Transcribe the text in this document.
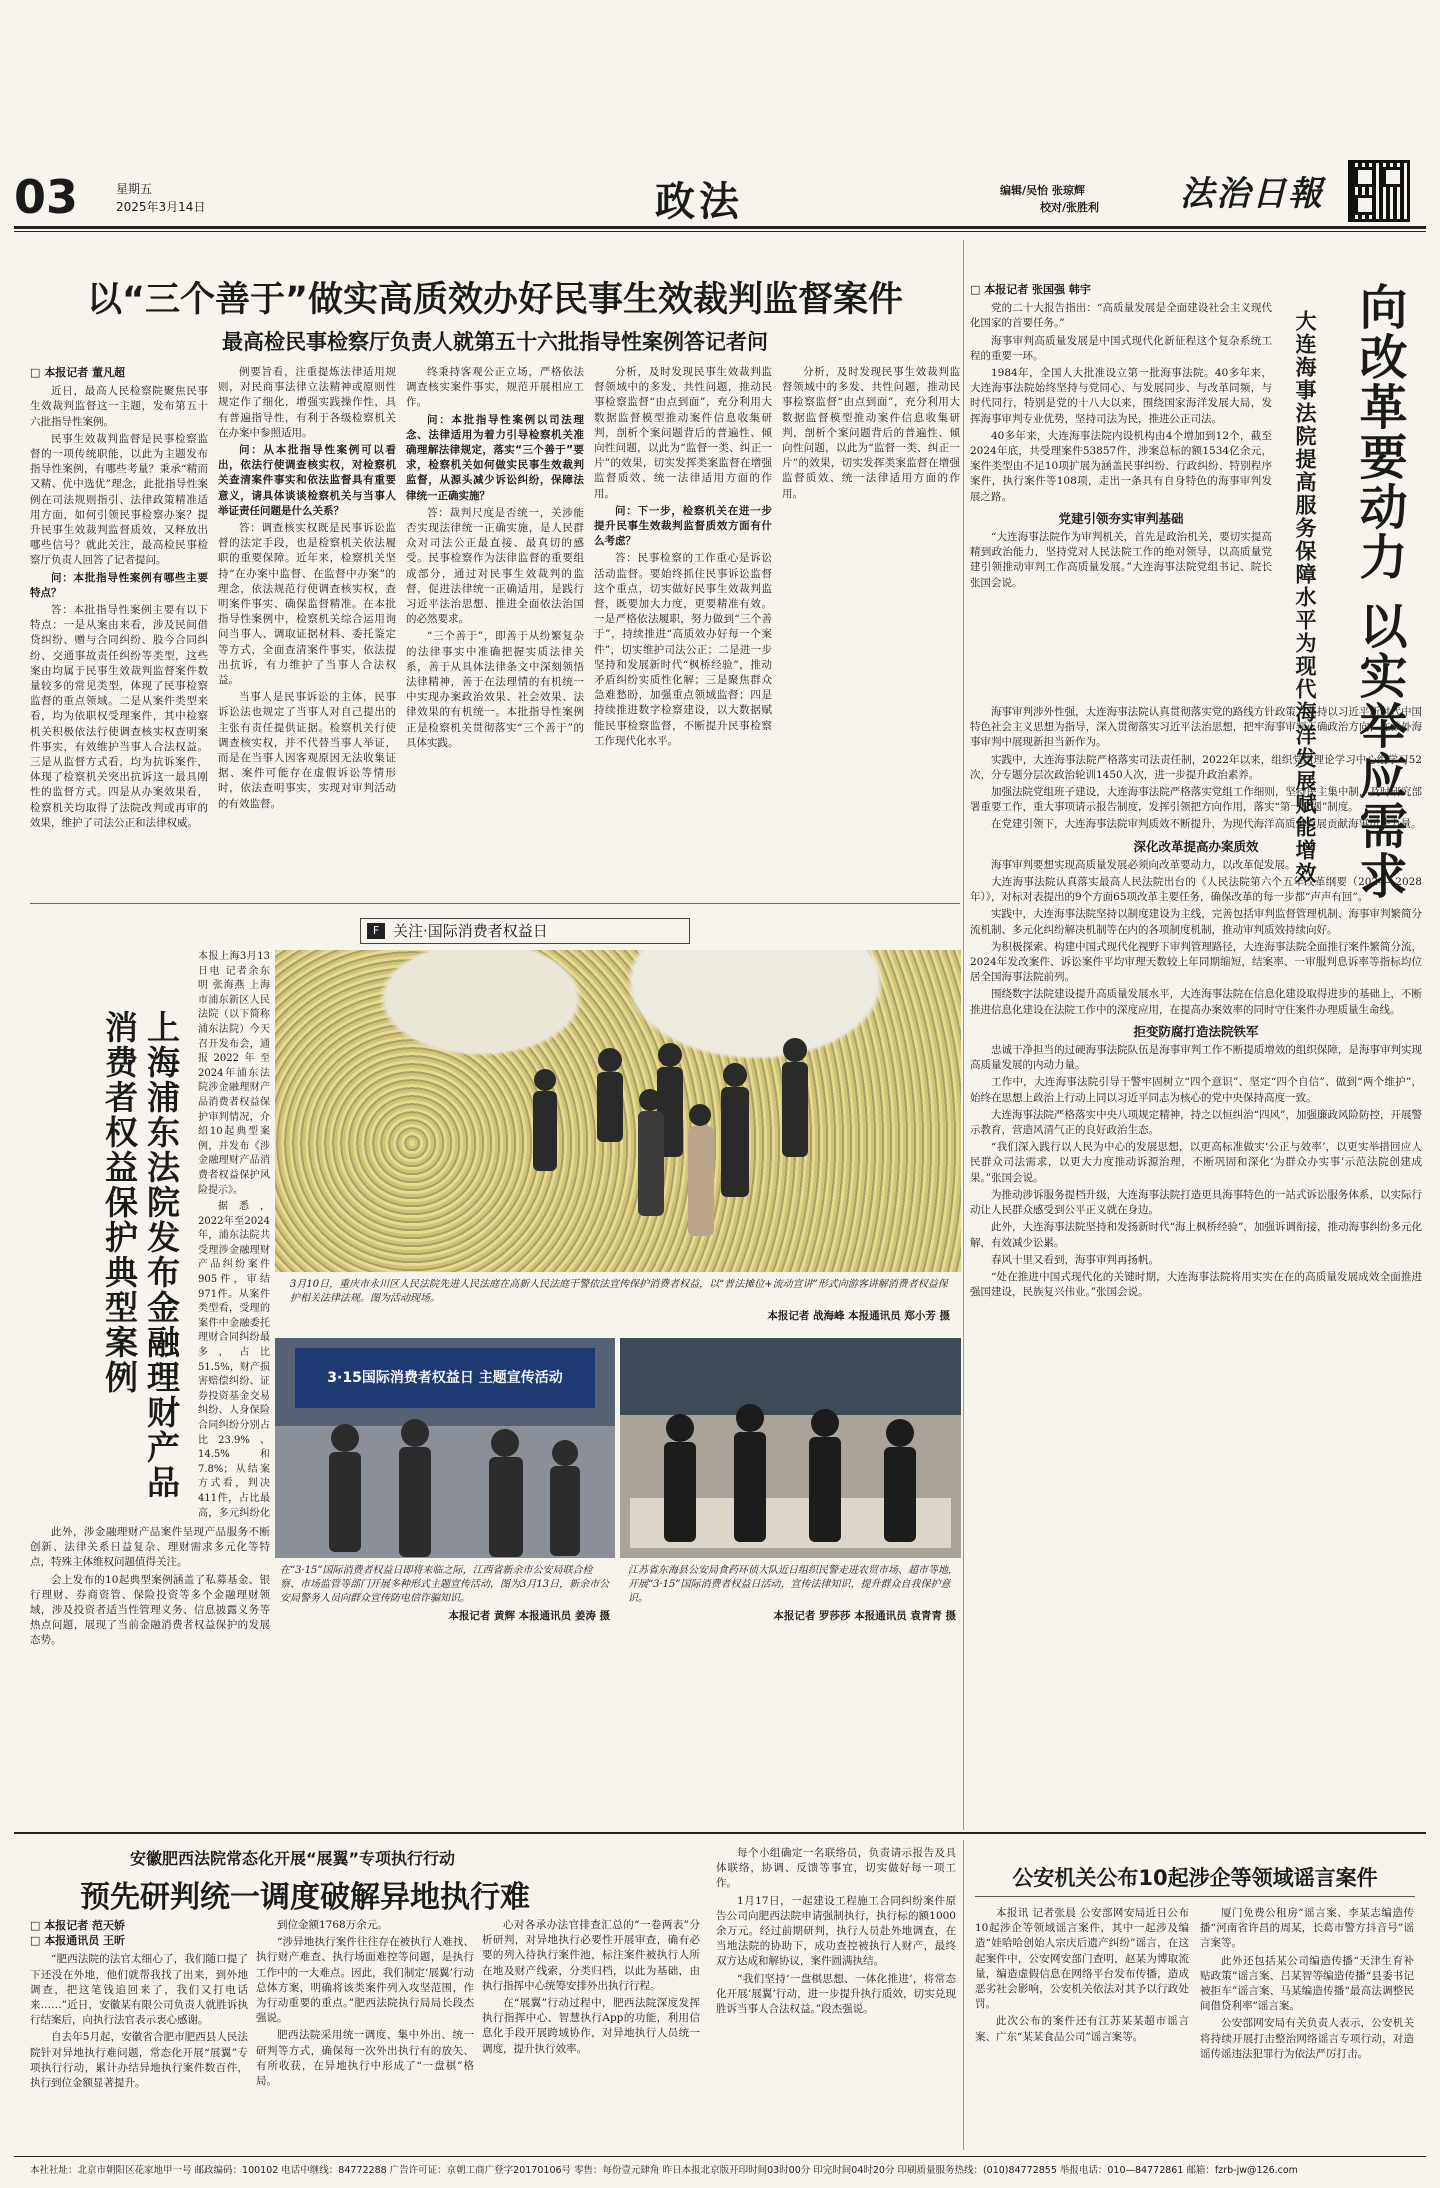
03	星期五
2025年3月14日	政法	编辑/吴怡 张琼辉
校对/张胜利 法治日報
以“三个善于”做实高质效办好民事生效裁判监督案件
最高检民事检察厅负责人就第五十六批指导性案例答记者问
□ 本报记者 董凡超

近日，最高人民检察院聚焦民事生效裁判监督这一主题，发布第五十六批指导性案例。

民事生效裁判监督是民事检察监督的一项传统职能，以此为主题发布指导性案例，有哪些考量？秉承“精而又精、优中选优”理念，此批指导性案例在司法规则指引、法律政策精准适用方面，如何引领民事检察办案？提升民事生效裁判监督质效，又释放出哪些信号？就此关注，最高检民事检察厅负责人回答了记者提问。

问：本批指导性案例有哪些主要特点？

答：本批指导性案例主要有以下特点：一是从案由来看，涉及民间借贷纠纷、赠与合同纠纷、股今合同纠纷、交通事故责任纠纷等类型，这些案由均属于民事生效裁判监督案件数量较多的常见类型，体现了民事检察监督的重点领域。二是从案件类型来看，均为依职权受理案件，其中检察机关积极依法行使调查核实权查明案件事实，有效维护当事人合法权益。三是从监督方式看，均为抗诉案件，体现了检察机关突出抗诉这一最具刚性的监督方式。四是从办案效果看，检察机关均取得了法院改判或再审的效果，维护了司法公正和法律权威。

例要旨看，注重提炼法律适用规则，对民商事法律立法精神或原则性规定作了细化，增强实践操作性，具有普遍指导性，有利于各级检察机关在办案中参照适用。

问：从本批指导性案例可以看出，依法行使调查核实权，对检察机关查清案件事实和依法监督具有重要意义，请具体谈谈检察机关与当事人举证责任问题是什么关系？

答：调查核实权既是民事诉讼监督的法定手段，也是检察机关依法履职的重要保障。近年来，检察机关坚持“在办案中监督、在监督中办案”的理念，依法规范行使调查核实权，查明案件事实、确保监督精准。在本批指导性案例中，检察机关综合运用询问当事人、调取证据材料、委托鉴定等方式，全面查清案件事实，依法提出抗诉，有力维护了当事人合法权益。

当事人是民事诉讼的主体，民事诉讼法也规定了当事人对自己提出的主张有责任提供证据。检察机关行使调查核实权，并不代替当事人举证，而是在当事人因客观原因无法收集证据、案件可能存在虚假诉讼等情形时，依法查明事实，实现对审判活动的有效监督。

终秉持客观公正立场，严格依法调查核实案件事实，规范开展相应工作。

问：本批指导性案例以司法理念、法律适用为着力引导检察机关准确理解法律规定，落实“三个善于”要求，检察机关如何做实民事生效裁判监督，从源头减少诉讼纠纷，保障法律统一正确实施？

答：裁判尺度是否统一，关涉能否实现法律统一正确实施，是人民群众对司法公正最直接、最真切的感受。民事检察作为法律监督的重要组成部分，通过对民事生效裁判的监督，促进法律统一正确适用，是践行习近平法治思想、推进全面依法治国的必然要求。

“三个善于”，即善于从纷繁复杂的法律事实中准确把握实质法律关系，善于从具体法律条文中深刻领悟法律精神，善于在法理情的有机统一中实现办案政治效果、社会效果、法律效果的有机统一。本批指导性案例正是检察机关贯彻落实“三个善于”的具体实践。

分析，及时发现民事生效裁判监督领域中的多发、共性问题，推动民事检察监督“由点到面”，充分利用大数据监督模型推动案件信息收集研判，剖析个案问题背后的普遍性、倾向性问题，以此为“监督一类、纠正一片”的效果，切实发挥类案监督在增强监督质效、统一法律适用方面的作用。

问：下一步，检察机关在进一步提升民事生效裁判监督质效方面有什么考虑？

答：民事检察的工作重心是诉讼活动监督。要始终抓住民事诉讼监督这个重点，切实做好民事生效裁判监督，既要加大力度，更要精准有效。一是严格依法履职，努力做到“三个善于”，持续推进“高质效办好每一个案件”，切实维护司法公正；二是进一步坚持和发展新时代“枫桥经验”，推动矛盾纠纷实质性化解；三是聚焦群众急难愁盼，加强重点领域监督；四是持续推进数字检察建设，以大数据赋能民事检察监督，不断提升民事检察工作现代化水平。

分析，及时发现民事生效裁判监督领域中的多发、共性问题，推动民事检察监督“由点到面”，充分利用大数据监督模型推动案件信息收集研判，剖析个案问题背后的普遍性、倾向性问题，以此为“监督一类、纠正一片”的效果，切实发挥类案监督在增强监督质效、统一法律适用方面的作用。

□ 本报记者 张国强 韩宇

党的二十大报告指出：“高质量发展是全面建设社会主义现代化国家的首要任务。”

海事审判高质量发展是中国式现代化新征程这个复杂系统工程的重要一环。

1984年，全国人大批准设立第一批海事法院。40多年来，大连海事法院始终坚持与党同心、与发展同步、与改革同频，与时代同行，特别是党的十八大以来，围绕国家海洋发展大局，发挥海事审判专业优势，坚持司法为民，推进公正司法。

40多年来，大连海事法院内设机构由4个增加到12个，截至2024年底，共受理案件53857件，涉案总标的额1534亿余元，案件类型由不足10项扩展为涵盖民事纠纷、行政纠纷、特别程序案件，执行案件等108项，走出一条具有自身特色的海事审判发展之路。

党建引领夯实审判基础

“大连海事法院作为审判机关，首先是政治机关，要切实提高精到政治能力，坚持党对人民法院工作的绝对领导，以高质量党建引领推动审判工作高质量发展。”大连海事法院党组书记、院长张国会说。	向改革要动力 以实举应需求
大连海事法院提高服务保障水平为现代海洋发展赋能增效

海事审判涉外性强，大连海事法院认真贯彻落实党的路线方针政策，坚持以习近平新时代中国特色社会主义思想为指导，深入贯彻落实习近平法治思想，把牢海事审判正确政治方向，在涉外海事审判中展现新担当新作为。

实践中，大连海事法院严格落实司法责任制，2022年以来，组织党组理论学习中心组学习52次，分专题分层次政治轮训1450人次，进一步提升政治素养。

加强法院党组班子建设，大连海事法院严格落实党组工作细则，坚持民主集中制，及时研究部署重要工作，重大事项请示报告制度，发挥引领把方向作用，落实“第一议题”制度。

在党建引领下，大连海事法院审判质效不断提升，为现代海洋高质量发展贡献海事司法力量。

深化改革提高办案质效

海事审判要想实现高质量发展必须向改革要动力，以改革促发展。

大连海事法院认真落实最高人民法院出台的《人民法院第六个五年改革纲要（2024—2028年）》，对标对表提出的9个方面65项改革主要任务，确保改革的每一步都“声声有回”。

实践中，大连海事法院坚持以制度建设为主线，完善包括审判监督管理机制、海事审判繁简分流机制、多元化纠纷解决机制等在内的各项制度机制，推动审判质效持续向好。

为积极探索、构建中国式现代化视野下审判管理路径，大连海事法院全面推行案件繁简分流，2024年发改案件、诉讼案件平均审理天数较上年同期缩短，结案率、一审服判息诉率等指标均位居全国海事法院前列。

围绕数字法院建设提升高质量发展水平，大连海事法院在信息化建设取得进步的基础上，不断推进信息化建设在法院工作中的深度应用，在提高办案效率的同时守住案件办理质量生命线。

拒变防腐打造法院铁军

忠诚干净担当的过硬海事法院队伍是海事审判工作不断提质增效的组织保障，是海事审判实现高质量发展的内动力量。

工作中，大连海事法院引导干警牢固树立“四个意识”、坚定“四个自信”、做到“两个维护”，始终在思想上政治上行动上同以习近平同志为核心的党中央保持高度一致。

大连海事法院严格落实中央八项规定精神，持之以恒纠治“四风”，加强廉政风险防控，开展警示教育，营造风清气正的良好政治生态。

“我们深入践行以人民为中心的发展思想，以更高标准做实‘公正与效率’，以更实举措回应人民群众司法需求，以更大力度推动诉源治理，不断巩固和深化‘为群众办实事’示范法院创建成果。”张国会说。

为推动涉诉服务提档升级，大连海事法院打造更具海事特色的一站式诉讼服务体系，以实际行动让人民群众感受到公平正义就在身边。

此外，大连海事法院坚持和发扬新时代“海上枫桥经验”，加强诉调衔接，推动海事纠纷多元化解，有效减少讼累。

春风十里又看到，海事审判再扬帆。

“处在推进中国式现代化的关键时期，大连海事法院将用实实在在的高质量发展成效全面推进强国建设，民族复兴伟业。”张国会说。

F 关注·国际消费者权益日
上海浦东法院发布金融理财产品消费者权益保护典型案例

本报上海3月13日电 记者余东明 张海燕 上海市浦东新区人民法院（以下简称浦东法院）今天召开发布会，通报2022年至2024年浦东法院涉金融理财产品消费者权益保护审判情况，介绍10起典型案例，并发布《涉金融理财产品消费者权益保护风险提示》。

据悉，2022年至2024年，浦东法院共受理涉金融理财产品纠纷案件905件，审结971件。从案件类型看，受理的案件中金融委托理财合同纠纷最多，占比51.5%，财产损害赔偿纠纷、证券投资基金交易纠纷、人身保险合同纠纷分别占比23.9%、14.5%和7.8%；从结案方式看，判决411件，占比最高，多元纠纷化

此外，涉金融理财产品案件呈现产品服务不断创新、法律关系日益复杂、理财需求多元化等特点，特殊主体维权问题值得关注。

会上发布的10起典型案例涵盖了私募基金、银行理财、券商资管、保险投资等多个金融理财领域，涉及投资者适当性管理义务、信息披露义务等热点问题，展现了当前金融消费者权益保护的发展态势。

3月10日，重庆市永川区人民法院先进人民法庭在高新人民法庭干警依法宣传保护消费者权益，以“普法摊位+流动宣讲”形式向游客讲解消费者权益保护相关法律法规。图为活动现场。
本报记者 战海峰 本报通讯员 郑小芳 摄
3·15国际消费者权益日 主题宣传活动
在“3·15”国际消费者权益日即将来临之际，江西省新余市公安局联合检察、市场监管等部门开展多种形式主题宣传活动，图为3月13日，新余市公安局警务人员向群众宣传防电信诈骗知识。
本报记者 黄辉 本报通讯员 姜涛 摄
江苏省东海县公安局食药环侦大队近日组织民警走进农贸市场、超市等地，开展“3·15”国际消费者权益日活动，宣传法律知识，提升群众自我保护意识。
本报记者 罗莎莎 本报通讯员 袁青青 摄
安徽肥西法院常态化开展“展翼”专项执行行动
预先研判统一调度破解异地执行难
□ 本报记者 范天娇
□ 本报通讯员 王昕

“肥西法院的法官太细心了，我们随口提了下还没在外地，他们就帮我找了出来，到外地调查，把这笔钱追回来了，我们又打电话来……”近日，安徽某有限公司负责人就胜诉执行结案后，向执行法官表示衷心感谢。

自去年5月起，安徽省合肥市肥西县人民法院针对异地执行难问题，常态化开展“展翼”专项执行行动，累计办结异地执行案件数百件，执行到位金额显著提升。

到位金额1768万余元。

“涉异地执行案件往往存在被执行人难找、执行财产难查、执行场面难控等问题，是执行工作中的一大难点。因此，我们制定‘展翼’行动总体方案，明确将该类案件列入攻坚范围，作为行动重要的重点。”肥西法院执行局局长段杰强说。

肥西法院采用统一调度、集中外出、统一研判等方式，确保每一次外出执行有的放矢、有所收获，在异地执行中形成了“一盘棋”格局。

心对各承办法官排查汇总的“一卷两表”分析研判，对异地执行必要性开展审查，确有必要的列入待执行案件池，标注案件被执行人所在地及财产线索，分类归档，以此为基础，由执行指挥中心统筹安排外出执行行程。

在“展翼”行动过程中，肥西法院深度发挥执行指挥中心、智慧执行App的功能，利用信息化手段开展跨域协作，对异地执行人员统一调度，提升执行效率。

每个小组确定一名联络员，负责请示报告及具体联络，协调、反馈等事宜，切实做好每一项工作。

1月17日，一起建设工程施工合同纠纷案件原告公司向肥西法院申请强制执行，执行标的额1000余万元。经过前期研判，执行人员赴外地调查，在当地法院的协助下，成功查控被执行人财产，最终双方达成和解协议，案件圆满执结。

“我们坚持‘一盘棋思想、一体化推进’，将常态化开展‘展翼’行动，进一步提升执行质效，切实兑现胜诉当事人合法权益。”段杰强说。

公安机关公布10起涉企等领域谣言案件

本报讯 记者张晨 公安部网安局近日公布10起涉企等领域谣言案件，其中一起涉及编造“娃哈哈创始人宗庆后遗产纠纷”谣言，在这起案件中，公安网安部门查明，赵某为博取流量，编造虚假信息在网络平台发布传播，造成恶劣社会影响，公安机关依法对其予以行政处罚。

此次公布的案件还有江苏某某超市谣言案、广东“某某食品公司”谣言案等。

厦门免费公租房”谣言案、李某志编造传播“河南省许昌的周某，长葛市警方抖音号”谣言案等。

此外还包括某公司编造传播“天津生育补贴政策”谣言案、吕某智等编造传播“县委书记被拒车”谣言案、马某编造传播“最高法调整民间借贷利率”谣言案。

公安部网安局有关负责人表示，公安机关将持续开展打击整治网络谣言专项行动，对造谣传谣违法犯罪行为依法严厉打击。

本社社址：北京市朝阳区花家地甲一号 邮政编码：100102 电话中继线：84772288 广告许可证：京朝工商广登字20170106号 零售：每份壹元肆角 昨日本报北京版开印时间03时00分 印完时间04时20分 印刷质量服务热线：(010)84772855 举报电话：010—84772861 邮箱：fzrb-jw@126.com
